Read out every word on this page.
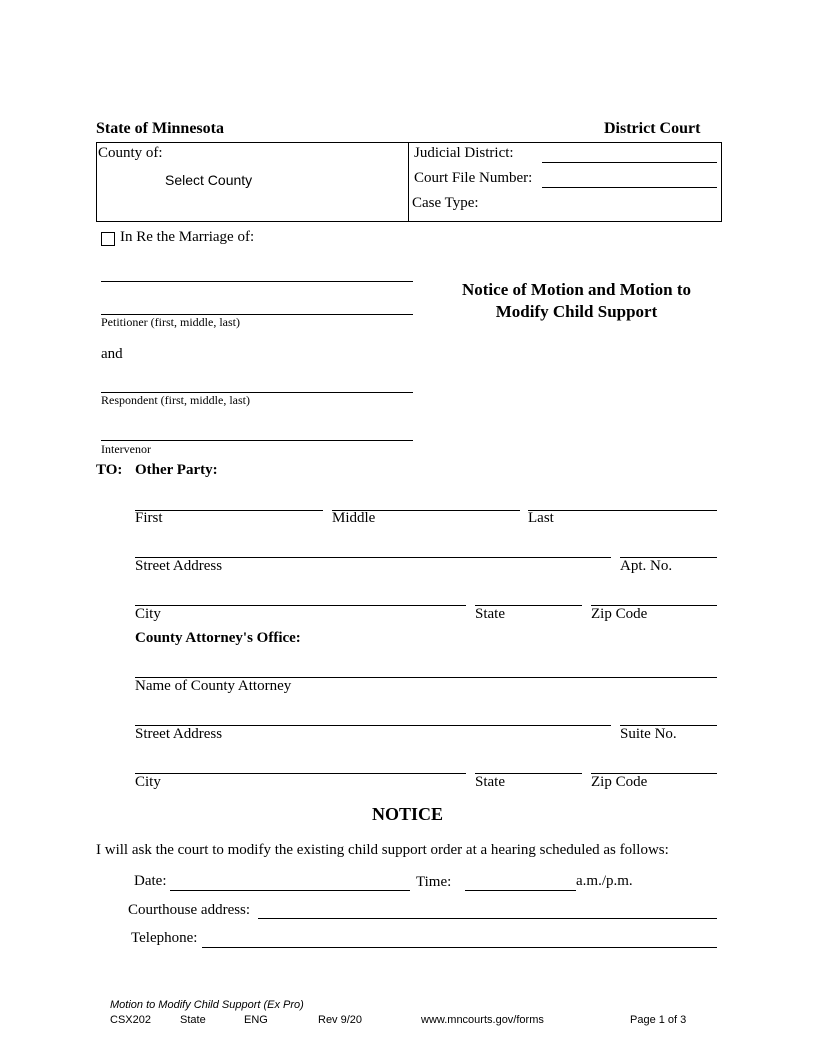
State of Minnesota	District Court
County of:
Select County
Judicial District:
Court File Number:
Case Type:
In Re the Marriage of:
Petitioner (first, middle, last)
and
Respondent (first, middle, last)
Intervenor
Notice of Motion and Motion to
Modify Child Support
TO: Other Party:
First	Middle	Last
Street Address	Apt. No.
City	State	Zip Code
County Attorney's Office:
Name of County Attorney
Street Address	Suite No.
City	State	Zip Code
NOTICE
I will ask the court to modify the existing child support order at a hearing scheduled as follows:
Date:	Time:	a.m./p.m.
Courthouse address:
Telephone:
Motion to Modify Child Support (Ex Pro)
CSX202	State	ENG	Rev 9/20	www.mncourts.gov/forms	Page 1 of 3
